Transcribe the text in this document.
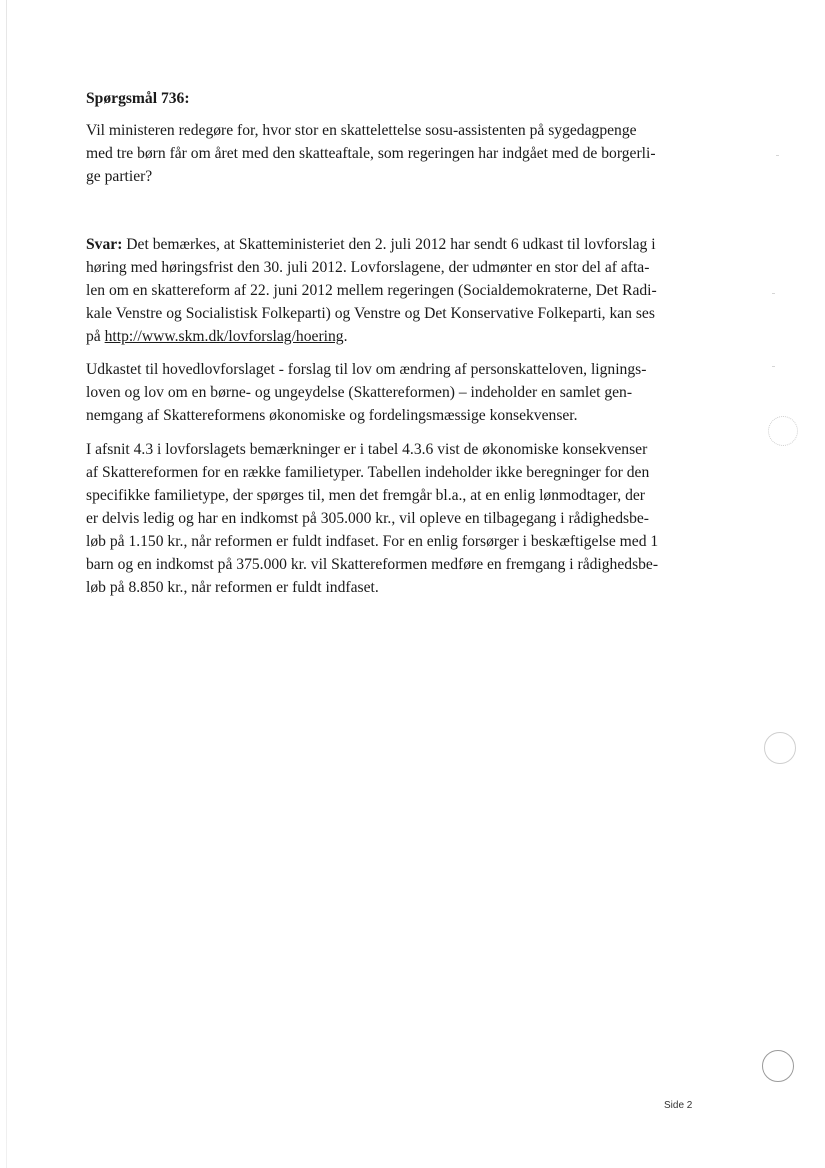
Spørgsmål 736:
Vil ministeren redegøre for, hvor stor en skattelettelse sosu-assistenten på sygedagpenge
med tre børn får om året med den skatteaftale, som regeringen har indgået med de borgerli-
ge partier?
Svar: Det bemærkes, at Skatteministeriet den 2. juli 2012 har sendt 6 udkast til lovforslag i
høring med høringsfrist den 30. juli 2012. Lovforslagene, der udmønter en stor del af afta-
len om en skattereform af 22. juni 2012 mellem regeringen (Socialdemokraterne, Det Radi-
kale Venstre og Socialistisk Folkeparti) og Venstre og Det Konservative Folkeparti, kan ses
på http://www.skm.dk/lovforslag/hoering.
Udkastet til hovedlovforslaget - forslag til lov om ændring af personskatteloven, lignings-
loven og lov om en børne- og ungeydelse (Skattereformen) – indeholder en samlet gen-
nemgang af Skattereformens økonomiske og fordelingsmæssige konsekvenser.
I afsnit 4.3 i lovforslagets bemærkninger er i tabel 4.3.6 vist de økonomiske konsekvenser
af Skattereformen for en række familietyper. Tabellen indeholder ikke beregninger for den
specifikke familietype, der spørges til, men det fremgår bl.a., at en enlig lønmodtager, der
er delvis ledig og har en indkomst på 305.000 kr., vil opleve en tilbagegang i rådighedsbe-
løb på 1.150 kr., når reformen er fuldt indfaset. For en enlig forsørger i beskæftigelse med 1
barn og en indkomst på 375.000 kr. vil Skattereformen medføre en fremgang i rådighedsbe-
løb på 8.850 kr., når reformen er fuldt indfaset.
Side 2
